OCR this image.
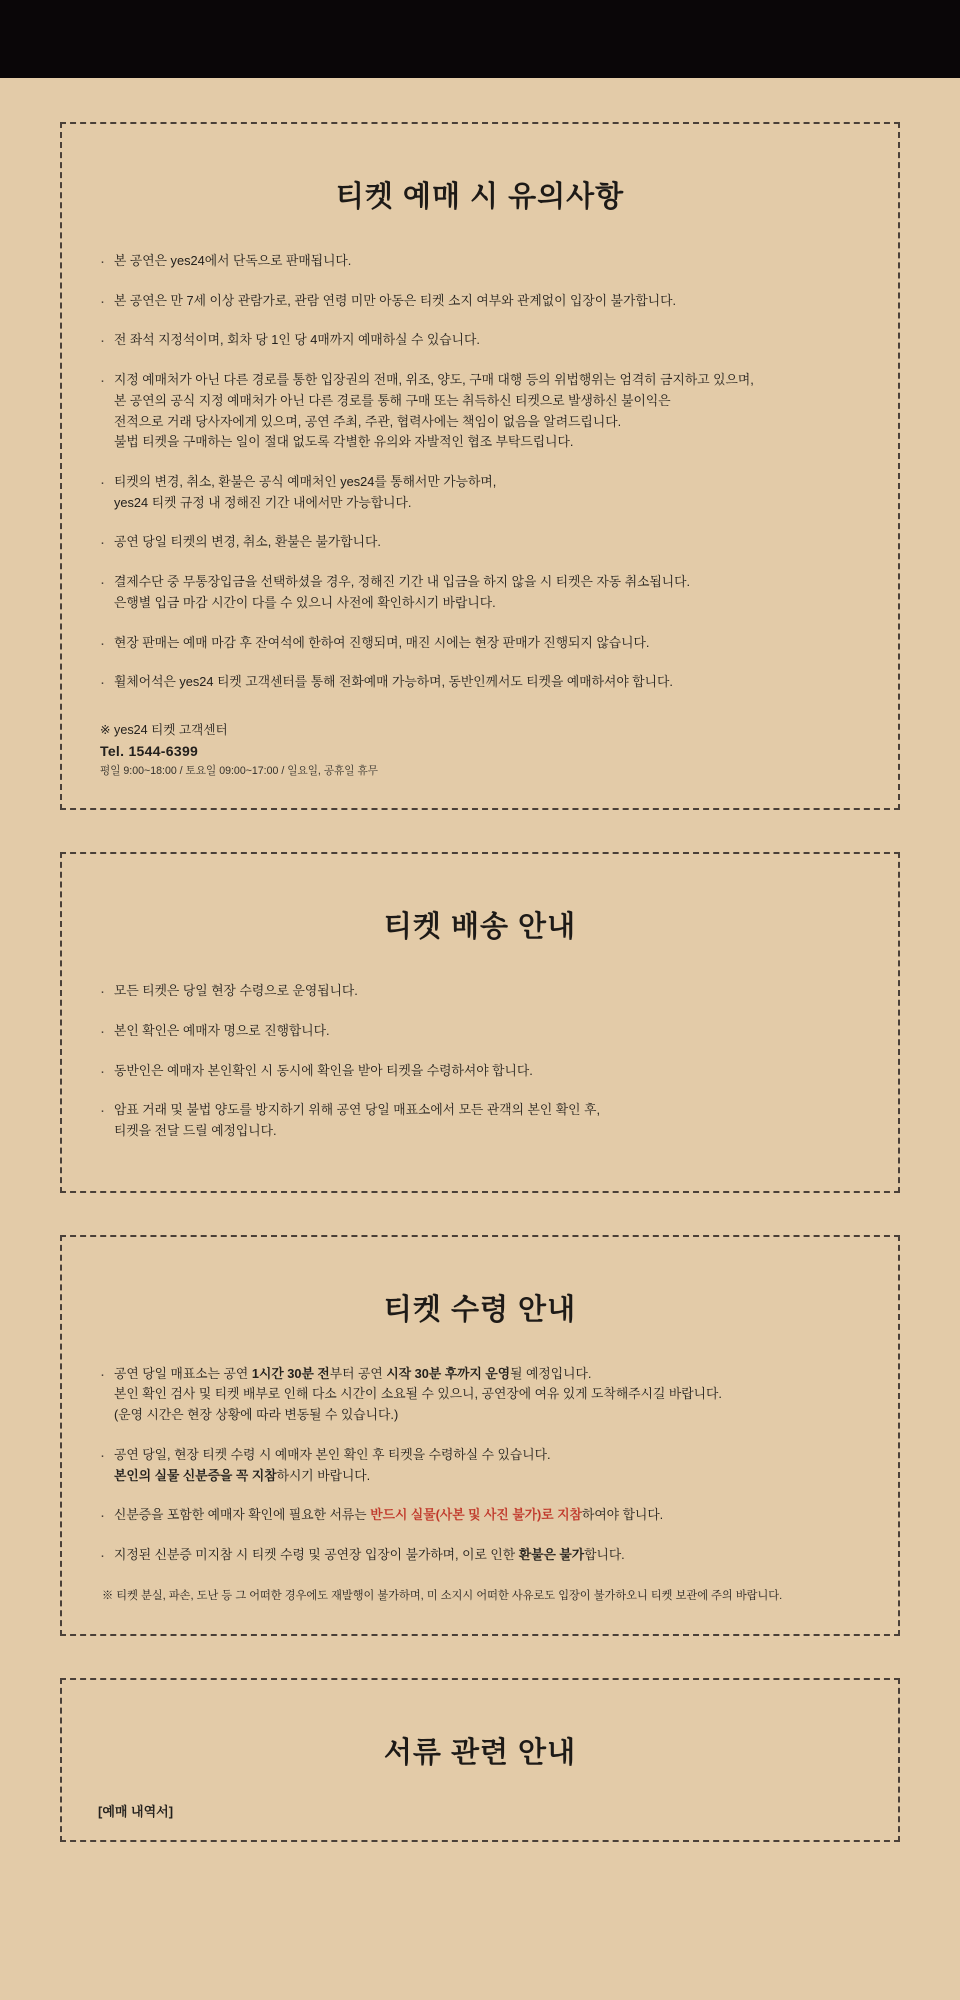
티켓 예매 시 유의사항
· 본 공연은 yes24에서 단독으로 판매됩니다.
· 본 공연은 만 7세 이상 관람가로, 관람 연령 미만 아동은 티켓 소지 여부와 관계없이 입장이 불가합니다.
· 전 좌석 지정석이며, 회차 당 1인 당 4매까지 예매하실 수 있습니다.
· 지정 예매처가 아닌 다른 경로를 통한 입장권의 전매, 위조, 양도, 구매 대행 등의 위법행위는 엄격히 금지하고 있으며,
본 공연의 공식 지정 예매처가 아닌 다른 경로를 통해 구매 또는 취득하신 티켓으로 발생하신 불이익은
전적으로 거래 당사자에게 있으며, 공연 주최, 주관, 협력사에는 책임이 없음을 알려드립니다.
불법 티켓을 구매하는 일이 절대 없도록 각별한 유의와 자발적인 협조 부탁드립니다.
· 티켓의 변경, 취소, 환불은 공식 예매처인 yes24를 통해서만 가능하며,
yes24 티켓 규정 내 정해진 기간 내에서만 가능합니다.
· 공연 당일 티켓의 변경, 취소, 환불은 불가합니다.
· 결제수단 중 무통장입금을 선택하셨을 경우, 정해진 기간 내 입금을 하지 않을 시 티켓은 자동 취소됩니다.
은행별 입금 마감 시간이 다를 수 있으니 사전에 확인하시기 바랍니다.
· 현장 판매는 예매 마감 후 잔여석에 한하여 진행되며, 매진 시에는 현장 판매가 진행되지 않습니다.
· 휠체어석은 yes24 티켓 고객센터를 통해 전화예매 가능하며, 동반인께서도 티켓을 예매하셔야 합니다.
※ yes24 티켓 고객센터
Tel. 1544-6399
평일 9:00~18:00 / 토요일 09:00~17:00 / 일요일, 공휴일 휴무
티켓 배송 안내
· 모든 티켓은 당일 현장 수령으로 운영됩니다.
· 본인 확인은 예매자 명으로 진행합니다.
· 동반인은 예매자 본인확인 시 동시에 확인을 받아 티켓을 수령하셔야 합니다.
· 암표 거래 및 불법 양도를 방지하기 위해 공연 당일 매표소에서 모든 관객의 본인 확인 후,
티켓을 전달 드릴 예정입니다.
티켓 수령 안내
· 공연 당일 매표소는 공연 1시간 30분 전부터 공연 시작 30분 후까지 운영될 예정입니다.
본인 확인 검사 및 티켓 배부로 인해 다소 시간이 소요될 수 있으니, 공연장에 여유 있게 도착해주시길 바랍니다.
(운영 시간은 현장 상황에 따라 변동될 수 있습니다.)
· 공연 당일, 현장 티켓 수령 시 예매자 본인 확인 후 티켓을 수령하실 수 있습니다.
본인의 실물 신분증을 꼭 지참하시기 바랍니다.
· 신분증을 포함한 예매자 확인에 필요한 서류는 반드시 실물(사본 및 사진 불가)로 지참하여야 합니다.
· 지정된 신분증 미지참 시 티켓 수령 및 공연장 입장이 불가하며, 이로 인한 환불은 불가합니다.
※ 티켓 분실, 파손, 도난 등 그 어떠한 경우에도 재발행이 불가하며, 미 소지시 어떠한 사유로도 입장이 불가하오니 티켓 보관에 주의 바랍니다.
서류 관련 안내
[예매 내역서]
